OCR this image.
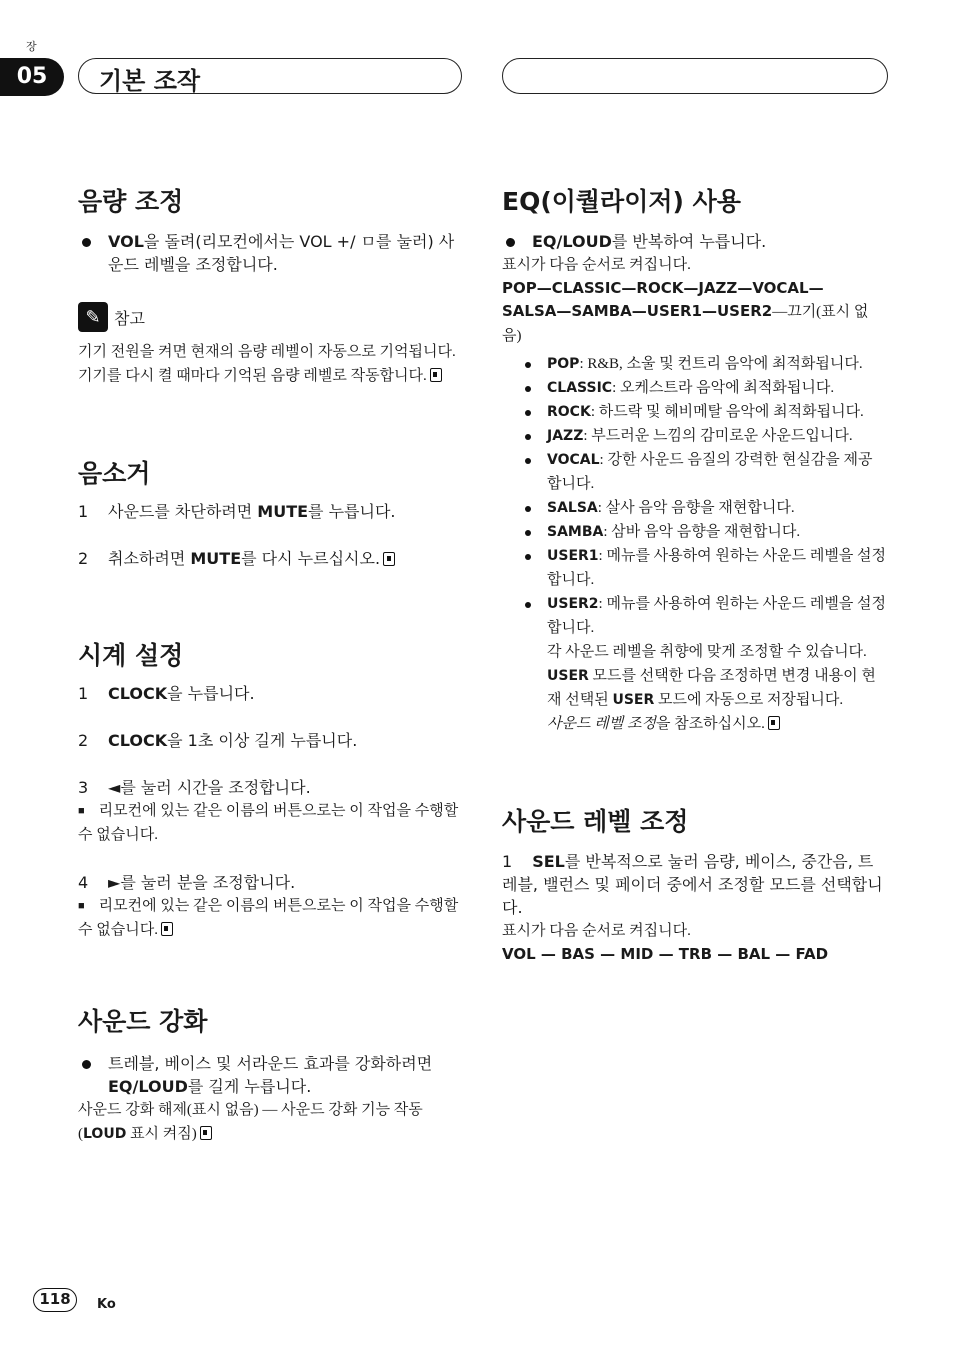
장
05	기본 조작
음량 조정

VOL을 돌려(리모컨에서는 VOL +/ ㅁ를 눌러) 사운드 레벨을 조정합니다.

✎ 참고

기기 전원을 켜면 현재의 음량 레벨이 자동으로 기억됩니다. 기기를 다시 켤 때마다 기억된 음량 레벨로 작동합니다.

음소거

1 사운드를 차단하려면 MUTE를 누릅니다.

2 취소하려면 MUTE를 다시 누르십시오.

시계 설정

1 CLOCK을 누릅니다.

2 CLOCK을 1초 이상 길게 누릅니다.

3 ◄를 눌러 시간을 조정합니다.

■ 리모컨에 있는 같은 이름의 버튼으로는 이 작업을 수행할 수 없습니다.

4 ►를 눌러 분을 조정합니다.

■ 리모컨에 있는 같은 이름의 버튼으로는 이 작업을 수행할 수 없습니다.

사운드 강화

트레블, 베이스 및 서라운드 효과를 강화하려면 EQ/LOUD를 길게 누릅니다.

사운드 강화 해제(표시 없음) — 사운드 강화 기능 작동(LOUD 표시 켜짐)

EQ(이퀄라이저) 사용

EQ/LOUD를 반복하여 누릅니다.

표시가 다음 순서로 켜집니다.

POP—CLASSIC—ROCK—JAZZ—VOCAL—
SALSA—SAMBA—USER1—USER2—끄기(표시 없음)
POP: R&B, 소울 및 컨트리 음악에 최적화됩니다.
CLASSIC: 오케스트라 음악에 최적화됩니다.
ROCK: 하드락 및 헤비메탈 음악에 최적화됩니다.
JAZZ: 부드러운 느낌의 감미로운 사운드입니다.
VOCAL: 강한 사운드 음질의 강력한 현실감을 제공합니다.
SALSA: 살사 음악 음향을 재현합니다.
SAMBA: 삼바 음악 음향을 재현합니다.
USER1: 메뉴를 사용하여 원하는 사운드 레벨을 설정합니다.
USER2: 메뉴를 사용하여 원하는 사운드 레벨을 설정합니다.
각 사운드 레벨을 취향에 맞게 조정할 수 있습니다. USER 모드를 선택한 다음 조정하면 변경 내용이 현재 선택된 USER 모드에 자동으로 저장됩니다.
사운드 레벨 조정을 참조하십시오.
사운드 레벨 조정

1 SEL를 반복적으로 눌러 음량, 베이스, 중간음, 트레블, 밸런스 및 페이더 중에서 조정할 모드를 선택합니다.

표시가 다음 순서로 켜집니다.

VOL — BAS — MID — TRB — BAL — FAD
118	Ko
